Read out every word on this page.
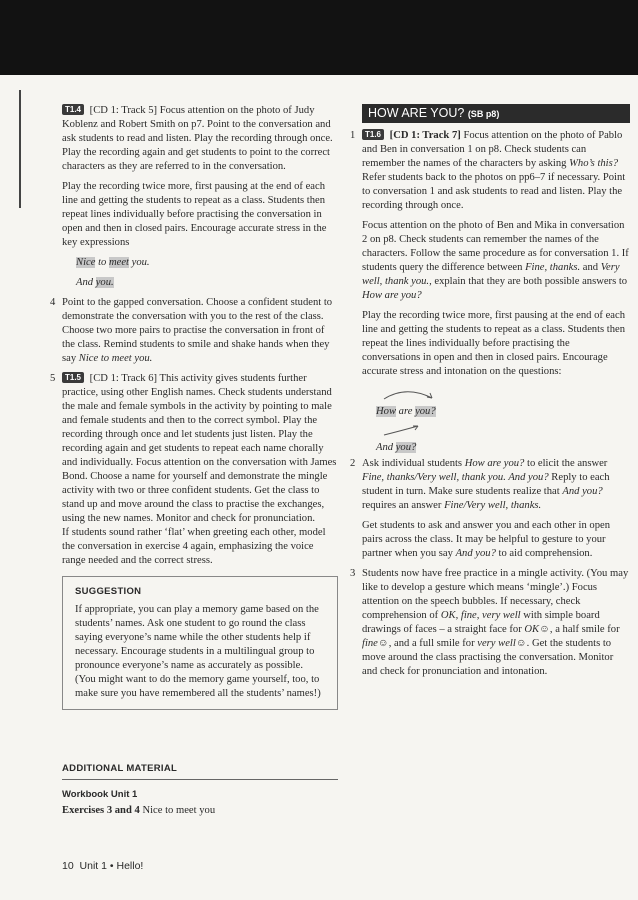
T1.4 [CD 1: Track 5] Focus attention on the photo of Judy Koblenz and Robert Smith on p7. Point to the conversation and ask students to read and listen. Play the recording through once. Play the recording again and get students to point to the correct characters as they are referred to in the conversation.

Play the recording twice more, first pausing at the end of each line and getting the students to repeat as a class. Students then repeat lines individually before practising the conversation in open and then in closed pairs. Encourage accurate stress in the key expressions

Nice to meet you.
And you.
4 Point to the gapped conversation. Choose a confident student to demonstrate the conversation with you to the rest of the class. Choose two more pairs to practise the conversation in front of the class. Remind students to smile and shake hands when they say Nice to meet you.

5	T1.5 [CD 1: Track 6] This activity gives students further practice, using other English names. Check students understand the male and female symbols in the activity by pointing to male and female students and then to the correct symbol. Play the recording through once and let students just listen. Play the recording again and get students to repeat each name chorally and individually. Focus attention on the conversation with James Bond. Choose a name for yourself and demonstrate the mingle activity with two or three confident students. Get the class to stand up and move around the class to practise the exchanges, using the new names. Monitor and check for pronunciation.
If students sound rather ‘flat’ when greeting each other, model the conversation in exercise 4 again, emphasizing the voice range needed and the correct stress.

SUGGESTION
If appropriate, you can play a memory game based on the students’ names. Ask one student to go round the class saying everyone’s name while the other students help if necessary. Encourage students in a multilingual group to pronounce everyone’s name as accurately as possible. (You might want to do the memory game yourself, too, to make sure you have remembered all the students’ names!)
ADDITIONAL MATERIAL
Workbook Unit 1
Exercises 3 and 4 Nice to meet you
10 Unit 1 • Hello!
HOW ARE YOU? (SB p8)
1	T1.6 [CD 1: Track 7] Focus attention on the photo of Pablo and Ben in conversation 1 on p8. Check students can remember the names of the characters by asking Who’s this? Refer students back to the photos on pp6–7 if necessary. Point to conversation 1 and ask students to read and listen. Play the recording through once.

Focus attention on the photo of Ben and Mika in conversation 2 on p8. Check students can remember the names of the characters. Follow the same procedure as for conversation 1. If students query the difference between Fine, thanks. and Very well, thank you., explain that they are both possible answers to How are you?

Play the recording twice more, first pausing at the end of each line and getting the students to repeat as a class. Students then repeat the lines individually before practising the conversations in open and then in closed pairs. Encourage accurate stress and intonation on the questions:

How are you?
And you?
2 Ask individual students How are you? to elicit the answer Fine, thanks/Very well, thank you. And you? Reply to each student in turn. Make sure students realize that And you? requires an answer Fine/Very well, thanks.

Get students to ask and answer you and each other in open pairs across the class. It may be helpful to gesture to your partner when you say And you? to aid comprehension.

3 Students now have free practice in a mingle activity. (You may like to develop a gesture which means ‘mingle’.) Focus attention on the speech bubbles. If necessary, check comprehension of OK, fine, very well with simple board drawings of faces – a straight face for OK☺, a half smile for fine☺, and a full smile for very well☺. Get the students to move around the class practising the conversation. Monitor and check for pronunciation and intonation.
